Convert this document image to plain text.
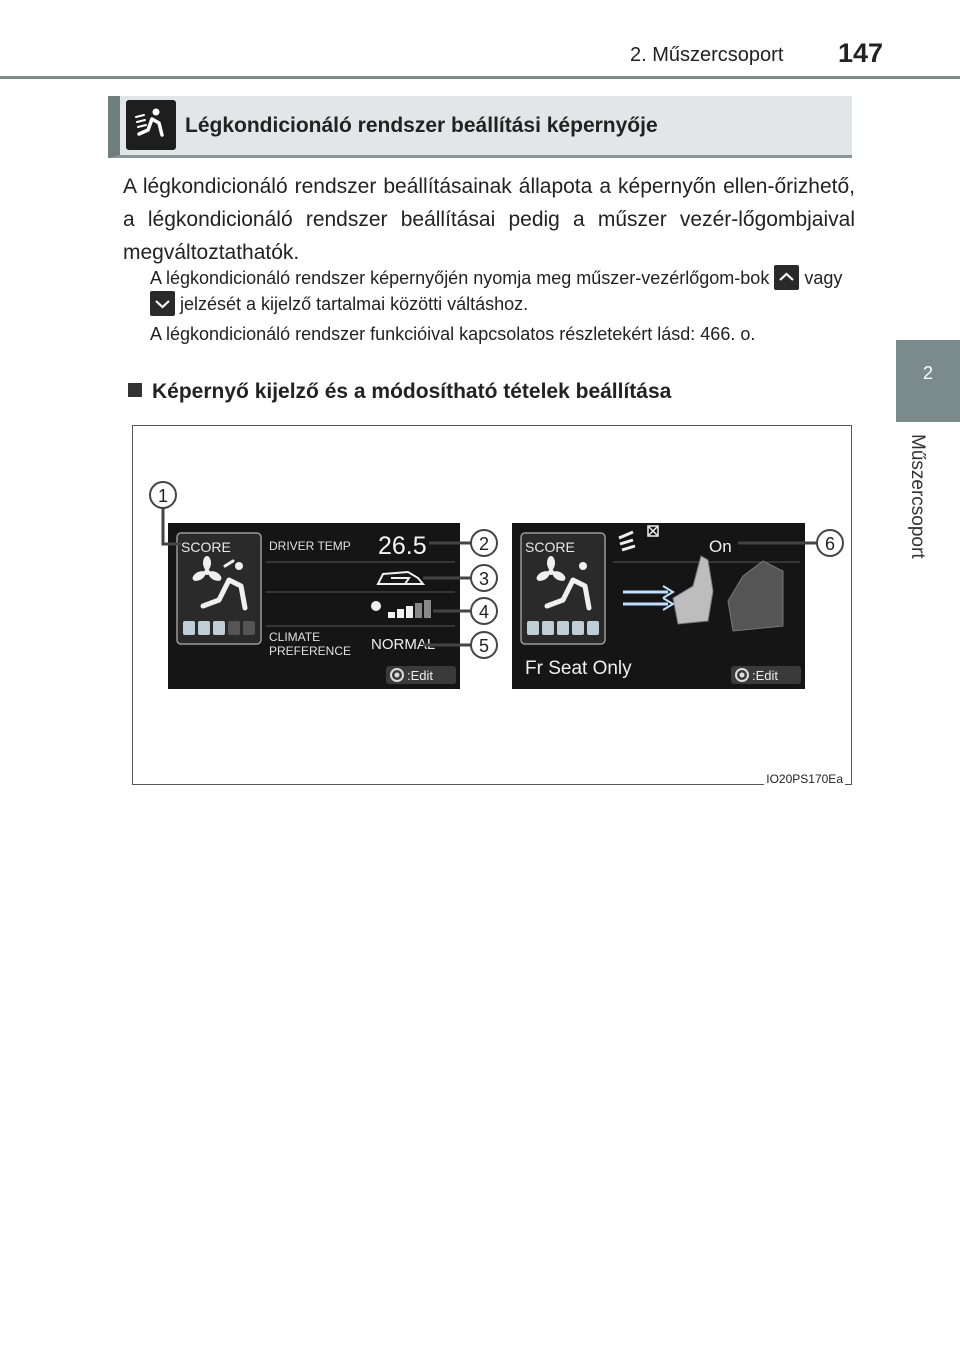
2. Műszercsoport 147
2
Műszercsoport
Légkondicionáló rendszer beállítási képernyője
A légkondicionáló rendszer beállításainak állapota a képernyőn ellen-őrizhető, a légkondicionáló rendszer beállításai pedig a műszer vezér-lőgombjaival megváltoztathatók.
A légkondicionáló rendszer képernyőjén nyomja meg műszer-vezérlőgom-bok vagy
jelzését a kijelző tartalmai közötti váltáshoz.
A légkondicionáló rendszer funkcióival kapcsolatos részletekért lásd: 466. o.
Képernyő kijelző és a módosítható tételek beállítása
SCORE	DRIVER TEMP 26.5
CLIMATE
PREFERENCE NORMAL
:Edit
SCORE	On
Fr Seat Only	:Edit
1
2
3
4
5
6
IO20PS170Ea
